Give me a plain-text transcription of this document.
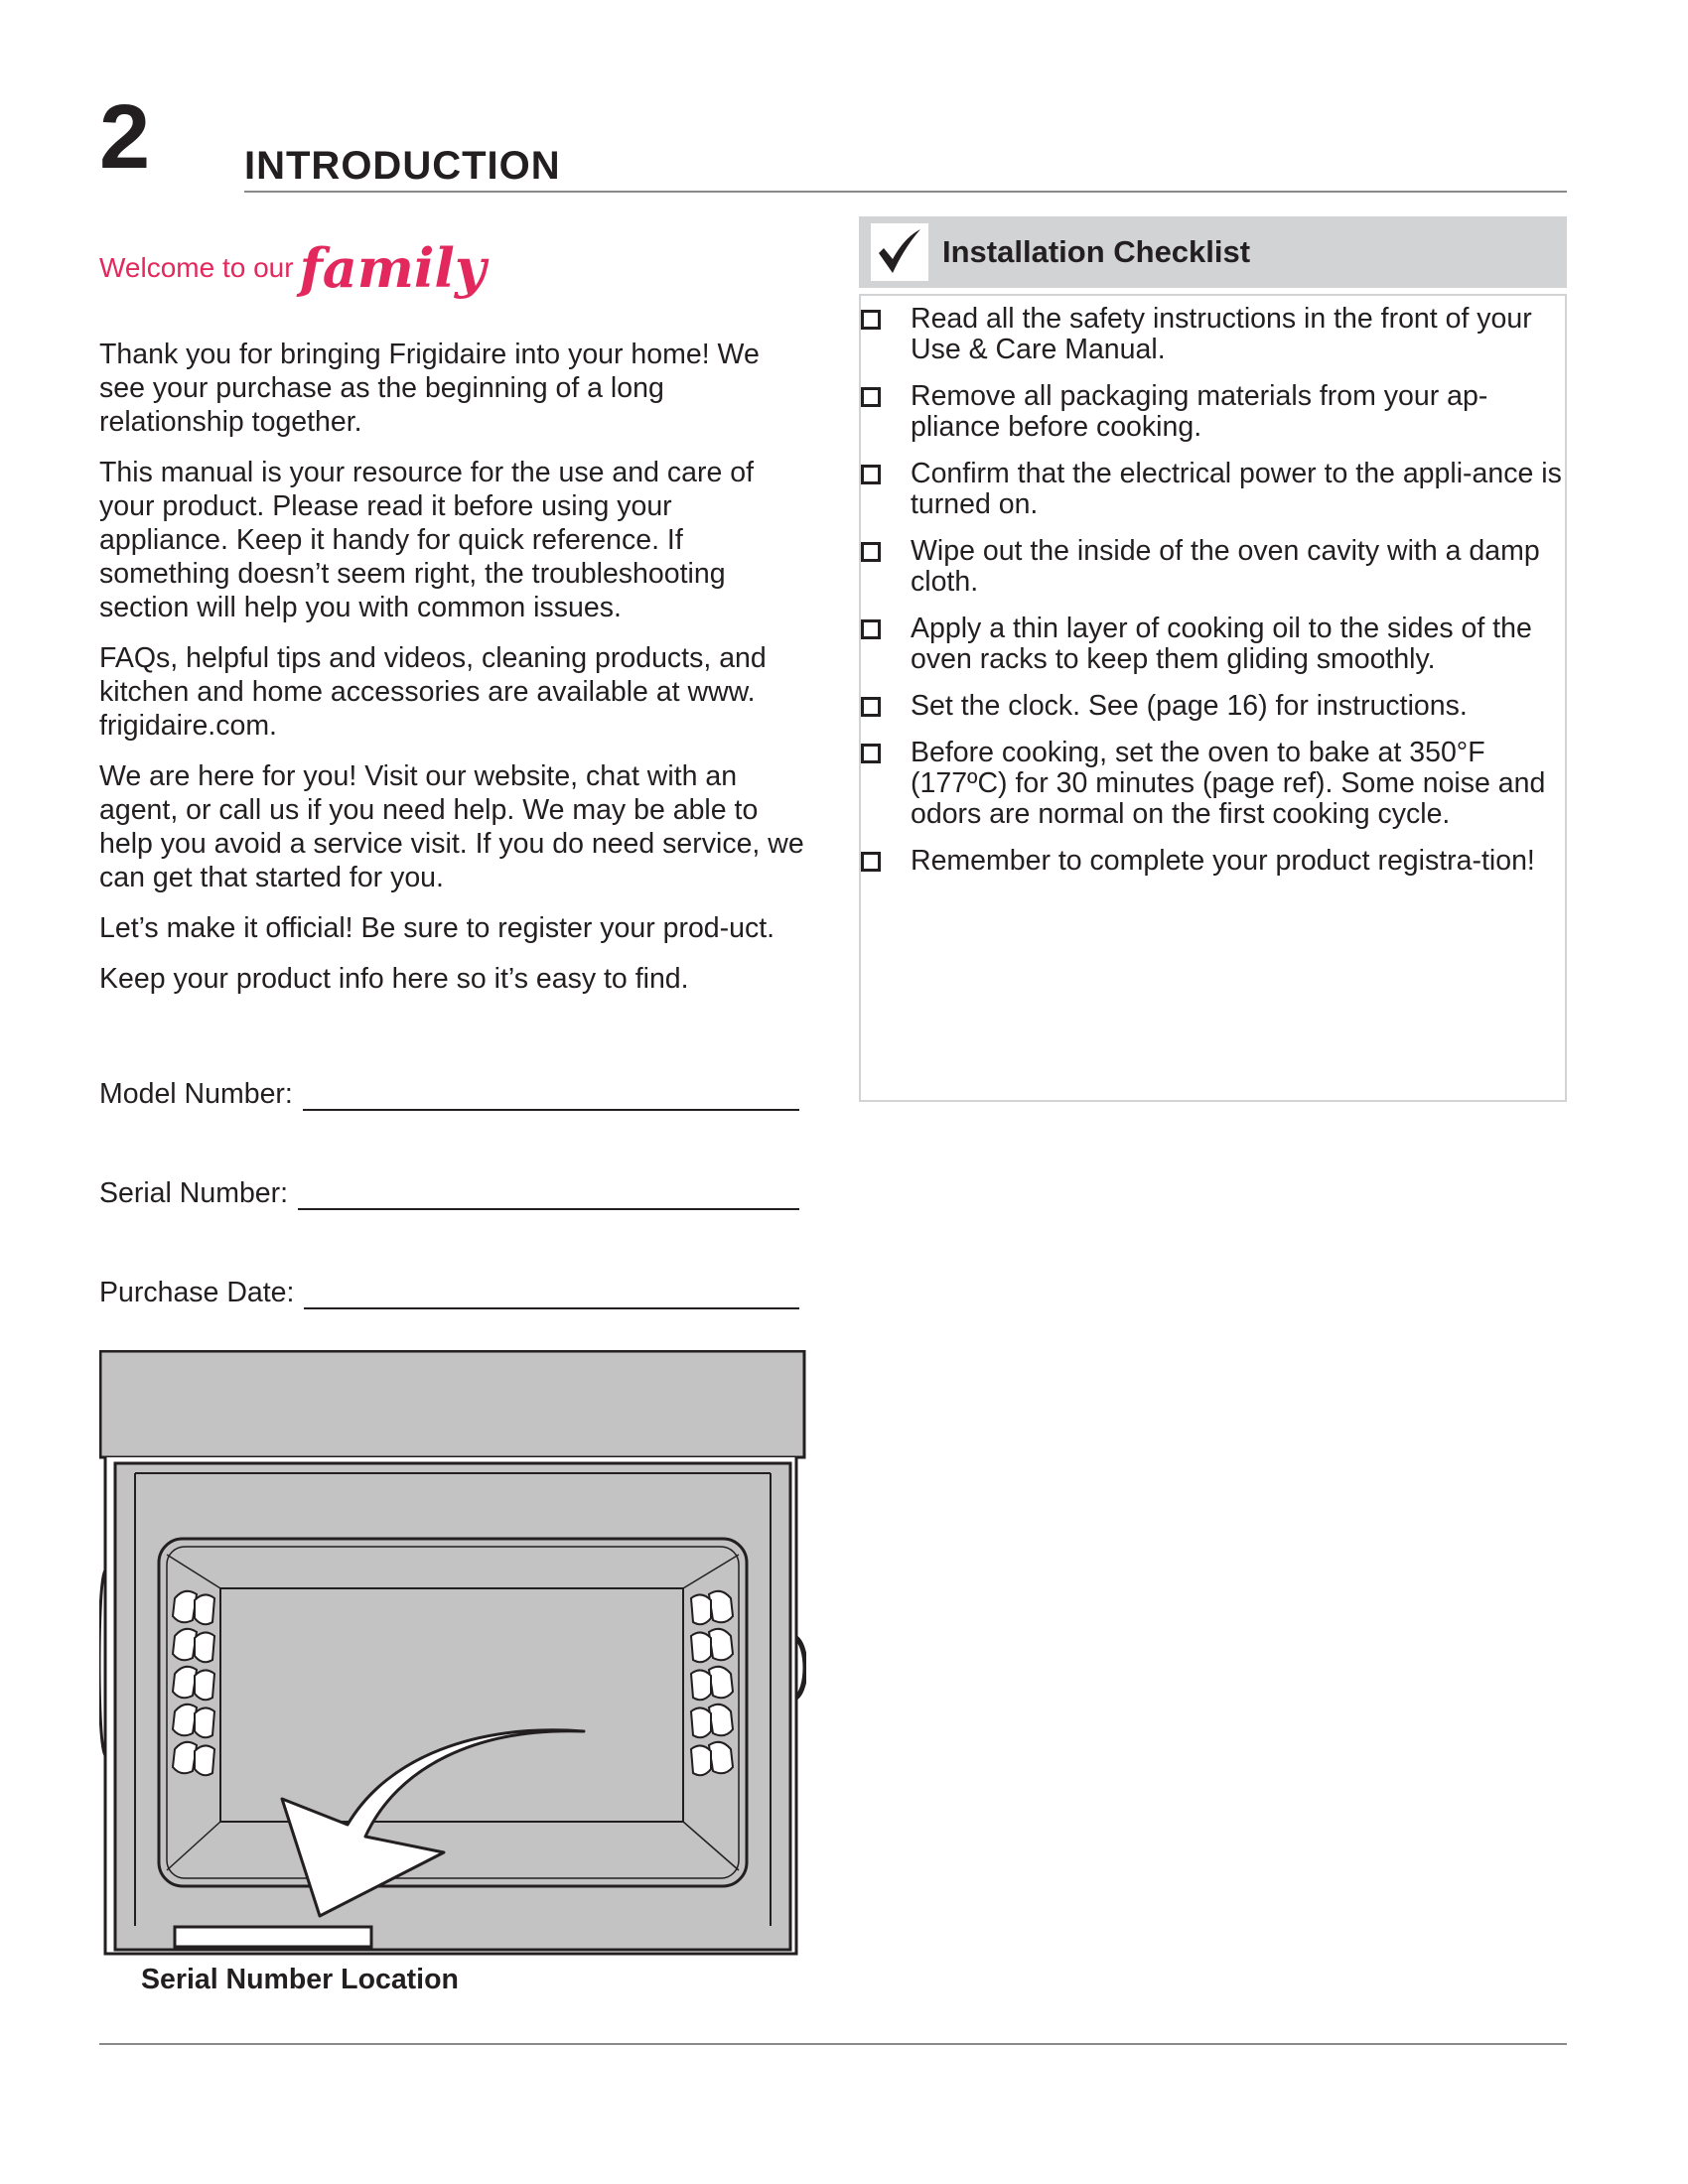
2 INTRODUCTION
Welcome to our family

Thank you for bringing Frigidaire into your home! We see your purchase as the beginning of a long relationship together.

This manual is your resource for the use and care of your product. Please read it before using your appliance. Keep it handy for quick reference. If something doesn’t seem right, the troubleshooting section will help you with common issues.

FAQs, helpful tips and videos, cleaning products, and kitchen and home accessories are available at www. frigidaire.com.

We are here for you! Visit our website, chat with an agent, or call us if you need help. We may be able to help you avoid a service visit. If you do need service, we can get that started for you.

Let’s make it official! Be sure to register your prod-uct.

Keep your product info here so it’s easy to find.

Model Number:
Serial Number:
Purchase Date:
Serial Number Location
Installation Checklist
Read all the safety instructions in the front of your Use & Care Manual.
Remove all packaging materials from your ap-pliance before cooking.
Confirm that the electrical power to the appli-ance is turned on.
Wipe out the inside of the oven cavity with a damp cloth.
Apply a thin layer of cooking oil to the sides of the oven racks to keep them gliding smoothly.
Set the clock. See (page 16) for instructions.
Before cooking, set the oven to bake at 350°F (177ºC) for 30 minutes (page ref). Some noise and odors are normal on the first cooking cycle.
Remember to complete your product registra-tion!
